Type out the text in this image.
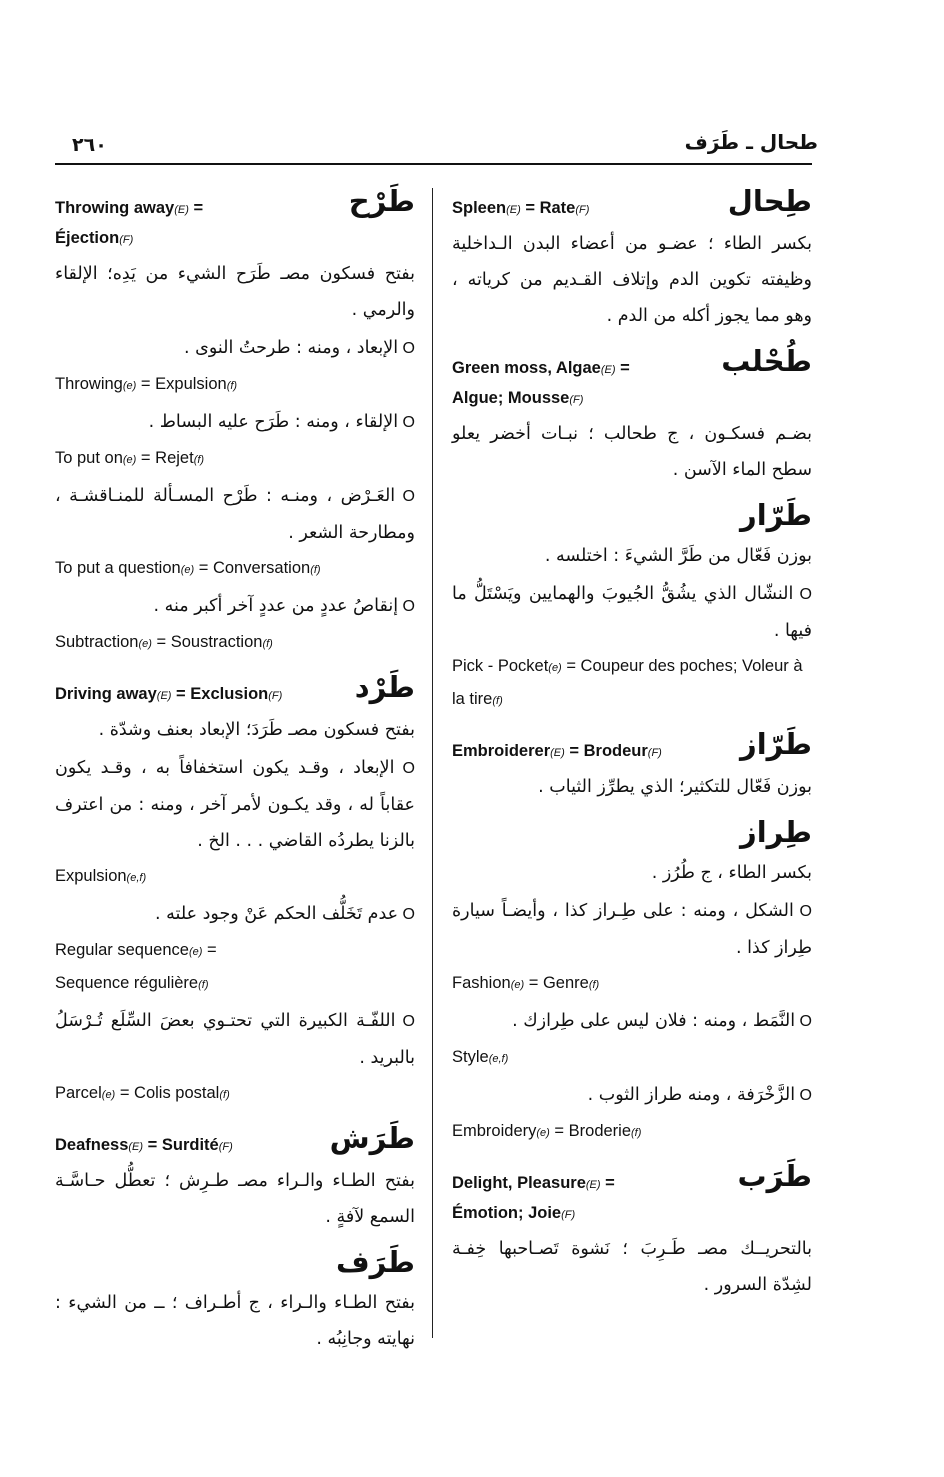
٢٦٠	طحال ـ طَرَف
طِحال
Spleen(E) = Rate(F)
بكسر الطاء ؛ عضـو من أعضاء البدن الـداخلية وظيفته تكوين الدم وإتلاف القـديم من كرياته ، وهو مما يجوز أكله من الدم .
طُحْلب
Green moss, Algae(E) =
Algue; Mousse(F)
بضـم فسكـون ، ج طحالب ؛ نبـات أخضر يعلو سطح الماء الآسن .
طَرّار
بوزن فَعّال من طَرَّ الشيءَ : اختلسه .
O النشّال الذي يشُقُّ الجُيوبَ والهمايين ويَسْتَلُّ ما فيها .
Pick - Pocket(e) = Coupeur des poches; Voleur à la tire(f)
طَرّاز
Embroiderer(E) = Brodeur(F)
بوزن فَعّال للتكثير؛ الذي يطرِّز الثياب .
طِراز
بكسر الطاء ، ج طُرُز .
O الشكل ، ومنه : على طِـراز كذا ، وأيضـاً سيارة طِراز كذا .
Fashion(e) = Genre(f)
O النَّمَط ، ومنه : فلان ليس على طِرازك .
Style(e,f)
O الزَّخْرَفة ، ومنه طراز الثوب .
Embroidery(e) = Broderie(f)
طَرَب
Delight, Pleasure(E) =
Émotion; Joie(F)
بالتحريــك مصـ طَـرِبَ ؛ نَشوة تَصـاحبها خِفـة لشِدّة السرور .
طَرْح
Throwing away(E) =
Éjection(F)
بفتح فسكون مصـ طَرَح الشيء من يَدِه؛ الإلقاء والرمي .
O الإبعاد ، ومنه : طرحتُ النوى .
Throwing(e) = Expulsion(f)
O الإلقاء ، ومنه : طَرَح عليه البساط .
To put on(e) = Rejet(f)
O العَـرْض ، ومنـه : طَرْح المسـألة للمنـاقشـة ، ومطارحة الشعر .
To put a question(e) = Conversation(f)
O إنقاصُ عددٍ من عددٍ آخر أكبر منه .
Subtraction(e) = Soustraction(f)
طَرْد
Driving away(E) = Exclusion(F)
بفتح فسكون مصـ طَرَدَ؛ الإبعاد بعنف وشدّة .
O الإبعاد ، وقـد يكون استخفافاً به ، وقـد يكون عقاباً له ، وقد يكـون لأمر آخر ، ومنه : من اعترف بالزنا يطردُه القاضي . . . الخ .
Expulsion(e,f)
O عدم تَخَلُّف الحكم عَنْ وجود علته .
Regular sequence(e) =
Sequence régulière(f)
O اللفّـة الكبيرة التي تحتـوي بعضَ السِّلَع تُـرْسَلُ بالبريد .
Parcel(e) = Colis postal(f)
طَرَش
Deafness(E) = Surdité(F)
بفتح الطـاء والـراء مصـ طـرِش ؛ تعطُّل حـاسَّـة السمع لآفةٍ .
طَرَف
بفتح الطـاء والـراء ، ج أطـراف ؛ ــ من الشيء : نهايته وجانِبُه .
